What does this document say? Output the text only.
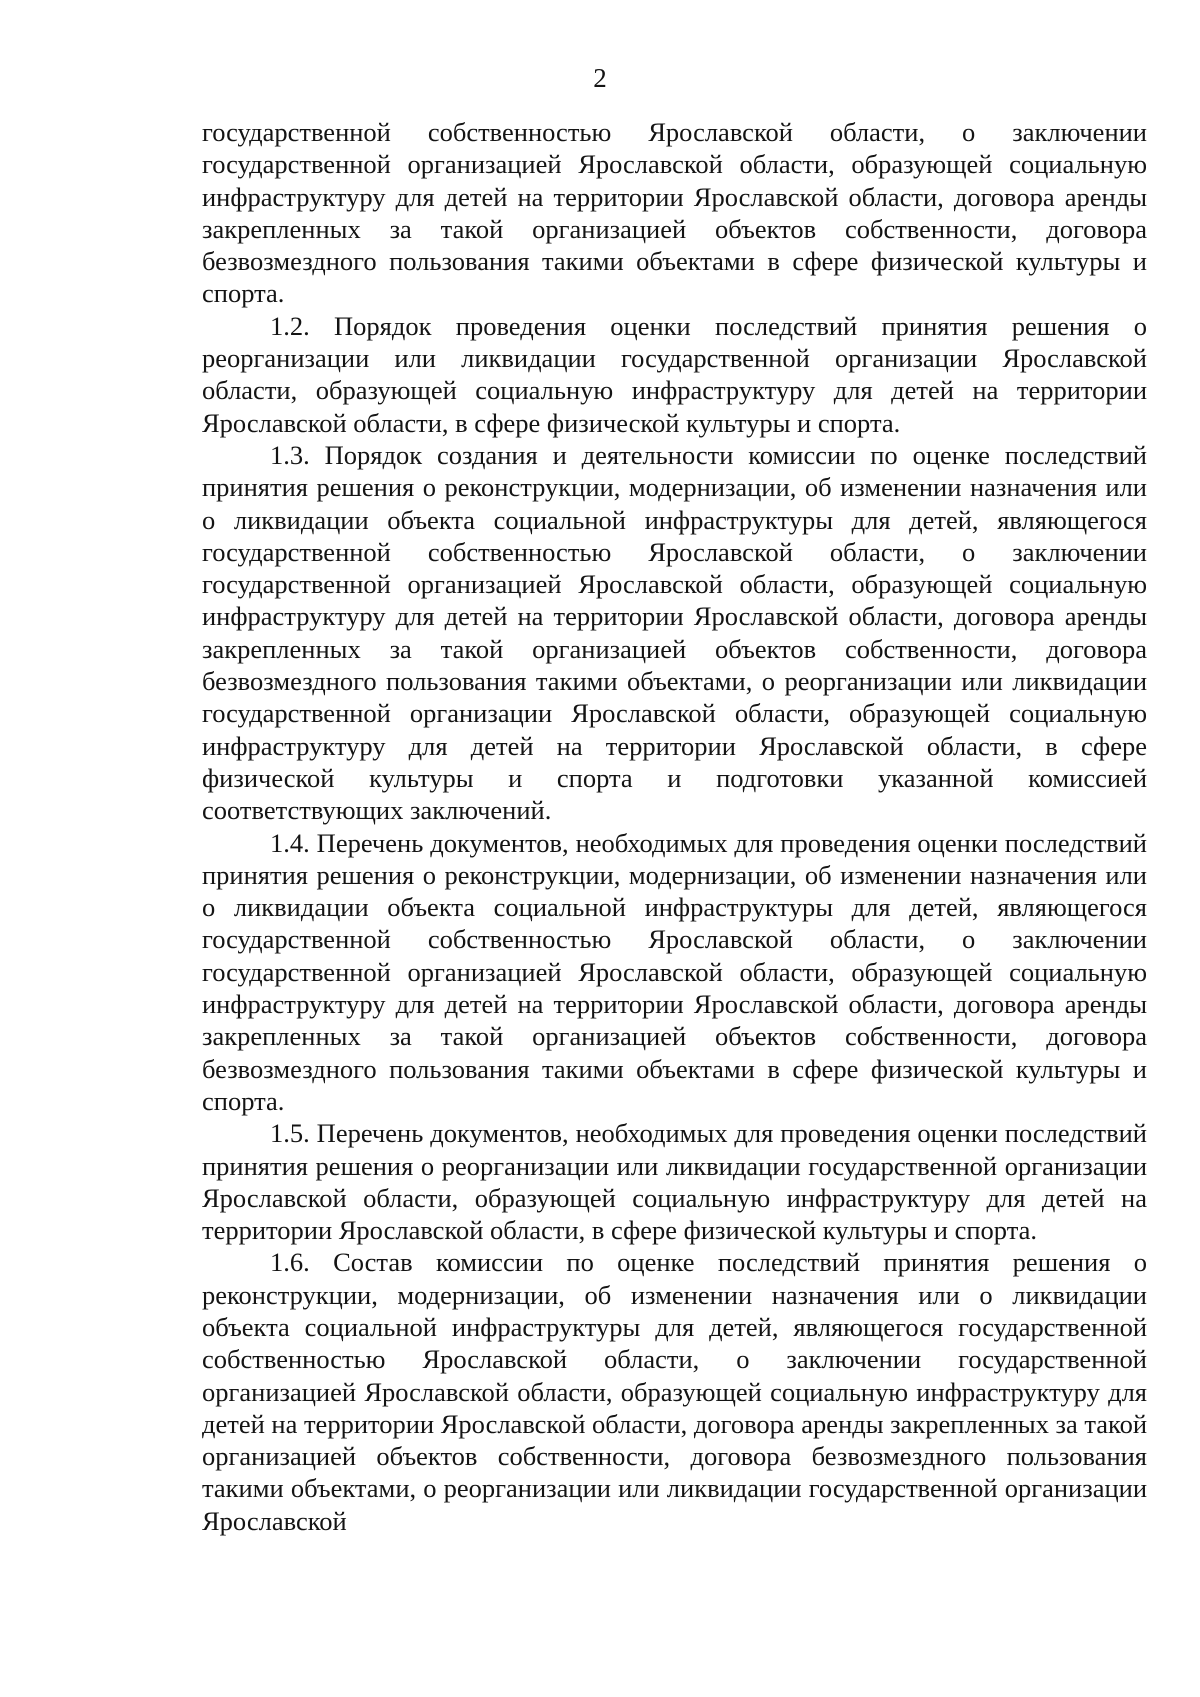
2

государственной собственностью Ярославской области, о заключении государственной организацией Ярославской области, образующей социальную инфраструктуру для детей на территории Ярославской области, договора аренды закрепленных за такой организацией объектов собственности, договора безвозмездного пользования такими объектами в сфере физической культуры и спорта.

1.2. Порядок проведения оценки последствий принятия решения о реорганизации или ликвидации государственной организации Ярославской области, образующей социальную инфраструктуру для детей на территории Ярославской области, в сфере физической культуры и спорта.

1.3. Порядок создания и деятельности комиссии по оценке последствий принятия решения о реконструкции, модернизации, об изменении назначения или о ликвидации объекта социальной инфраструктуры для детей, являющегося государственной собственностью Ярославской области, о заключении государственной организацией Ярославской области, образующей социальную инфраструктуру для детей на территории Ярославской области, договора аренды закрепленных за такой организацией объектов собственности, договора безвозмездного пользования такими объектами, о реорганизации или ликвидации государственной организации Ярославской области, образующей социальную инфраструктуру для детей на территории Ярославской области, в сфере физической культуры и спорта и подготовки указанной комиссией соответствующих заключений.

1.4. Перечень документов, необходимых для проведения оценки последствий принятия решения о реконструкции, модернизации, об изменении назначения или о ликвидации объекта социальной инфраструктуры для детей, являющегося государственной собственностью Ярославской области, о заключении государственной организацией Ярославской области, образующей социальную инфраструктуру для детей на территории Ярославской области, договора аренды закрепленных за такой организацией объектов собственности, договора безвозмездного пользования такими объектами в сфере физической культуры и спорта.

1.5. Перечень документов, необходимых для проведения оценки последствий принятия решения о реорганизации или ликвидации государственной организации Ярославской области, образующей социальную инфраструктуру для детей на территории Ярославской области, в сфере физической культуры и спорта.

1.6. Состав комиссии по оценке последствий принятия решения о реконструкции, модернизации, об изменении назначения или о ликвидации объекта социальной инфраструктуры для детей, являющегося государственной собственностью Ярославской области, о заключении государственной организацией Ярославской области, образующей социальную инфраструктуру для детей на территории Ярославской области, договора аренды закрепленных за такой организацией объектов собственности, договора безвозмездного пользования такими объектами, о реорганизации или ликвидации государственной организации Ярославской
